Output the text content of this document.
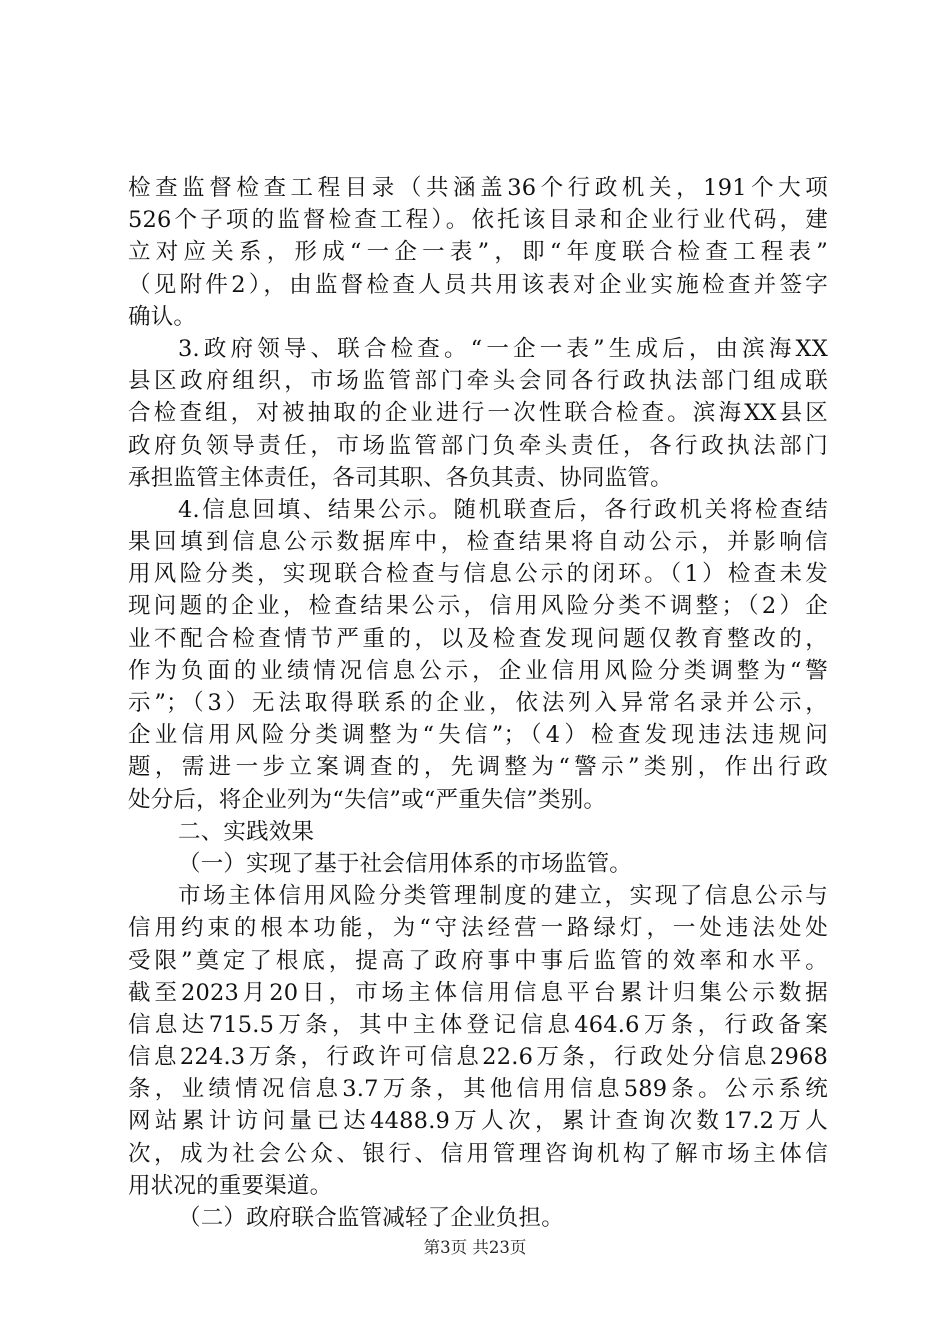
检查监督检查工程目录（共涵盖36个行政机关，191个大项
526个子项的监督检查工程）。依托该目录和企业行业代码，建
立对应关系，形成“一企一表”，即“年度联合检查工程表”
（见附件2），由监督检查人员共用该表对企业实施检查并签字
确认。
3.政府领导、联合检查。“一企一表”生成后，由滨海XX
县区政府组织，市场监管部门牵头会同各行政执法部门组成联
合检查组，对被抽取的企业进行一次性联合检查。滨海XX县区
政府负领导责任，市场监管部门负牵头责任，各行政执法部门
承担监管主体责任，各司其职、各负其责、协同监管。
4.信息回填、结果公示。随机联查后，各行政机关将检查结
果回填到信息公示数据库中，检查结果将自动公示，并影响信
用风险分类，实现联合检查与信息公示的闭环。（1）检查未发
现问题的企业，检查结果公示，信用风险分类不调整；（2）企
业不配合检查情节严重的，以及检查发现问题仅教育整改的，
作为负面的业绩情况信息公示，企业信用风险分类调整为“警
示”；（3）无法取得联系的企业，依法列入异常名录并公示，
企业信用风险分类调整为“失信”；（4）检查发现违法违规问
题，需进一步立案调查的，先调整为“警示”类别，作出行政
处分后，将企业列为“失信”或“严重失信”类别。
二、实践效果
（一）实现了基于社会信用体系的市场监管。
市场主体信用风险分类管理制度的建立，实现了信息公示与
信用约束的根本功能，为“守法经营一路绿灯，一处违法处处
受限”奠定了根底，提高了政府事中事后监管的效率和水平。
截至2023月20日，市场主体信用信息平台累计归集公示数据
信息达715.5万条，其中主体登记信息464.6万条，行政备案
信息224.3万条，行政许可信息22.6万条，行政处分信息2968
条，业绩情况信息3.7万条，其他信用信息589条。公示系统
网站累计访问量已达4488.9万人次，累计查询次数17.2万人
次，成为社会公众、银行、信用管理咨询机构了解市场主体信
用状况的重要渠道。
（二）政府联合监管减轻了企业负担。
第3页 共23页
